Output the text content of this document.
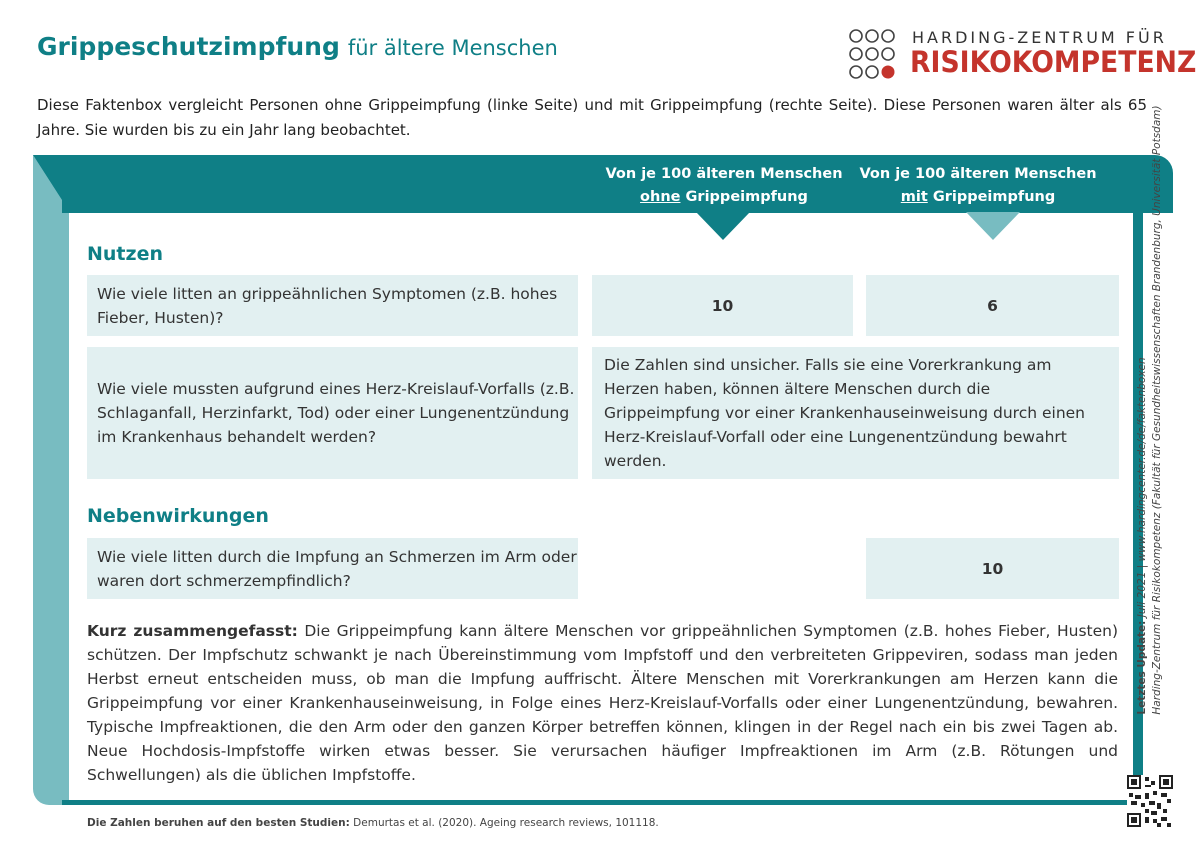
Grippeschutzimpfung für ältere Menschen	HARDING-ZENTRUM FÜR
RISIKOKOMPETENZ

Diese Faktenbox vergleicht Personen ohne Grippeimpfung (linke Seite) und mit Grippeimpfung (rechte Seite). Diese Personen waren älter als 65 Jahre. Sie wurden bis zu ein Jahr lang beobachtet.

Von je 100 älteren Menschen
ohne Grippeimpfung
Von je 100 älteren Menschen
mit Grippeimpfung
Nutzen
Wie viele litten an grippeähnlichen Symptomen (z.B. hohes Fieber, Husten)?
10	6
Wie viele mussten aufgrund eines Herz-Kreislauf-Vorfalls (z.B. Schlaganfall, Herzinfarkt, Tod) oder einer Lungenentzündung im Krankenhaus behandelt werden?
Die Zahlen sind unsicher. Falls sie eine Vorerkrankung am Herzen haben, können ältere Menschen durch die Grippeimpfung vor einer Krankenhauseinweisung durch einen Herz-Kreislauf-Vorfall oder eine Lungenentzündung bewahrt werden.
Nebenwirkungen
Wie viele litten durch die Impfung an Schmerzen im Arm oder waren dort schmerzempfindlich?
10

Kurz zusammengefasst: Die Grippeimpfung kann ältere Menschen vor grippeähnlichen Symptomen (z.B. hohes Fieber, Husten) schützen. Der Impfschutz schwankt je nach Übereinstimmung vom Impfstoff und den verbreiteten Grippeviren, sodass man jeden Herbst erneut entscheiden muss, ob man die Impfung auffrischt. Ältere Menschen mit Vorerkrankungen am Herzen kann die Grippeimpfung vor einer Krankenhauseinweisung, in Folge eines Herz-Kreislauf-Vorfalls oder einer Lungenentzündung, bewahren. Typische Impfreaktionen, die den Arm oder den ganzen Körper betreffen können, klingen in der Regel nach ein bis zwei Tagen ab. Neue Hochdosis-Impfstoffe wirken etwas besser. Sie verursachen häufiger Impfreaktionen im Arm (z.B. Rötungen und Schwellungen) als die üblichen Impfstoffe.

Die Zahlen beruhen auf den besten Studien: Demurtas et al. (2020). Ageing research reviews, 101118.
Letztes Update: Juli 2021 | www.hardingcenter.de/de/faktenboxen Harding-Zentrum für Risikokompetenz (Fakultät für Gesundheitswissenschaften Brandenburg, Universität Potsdam)
